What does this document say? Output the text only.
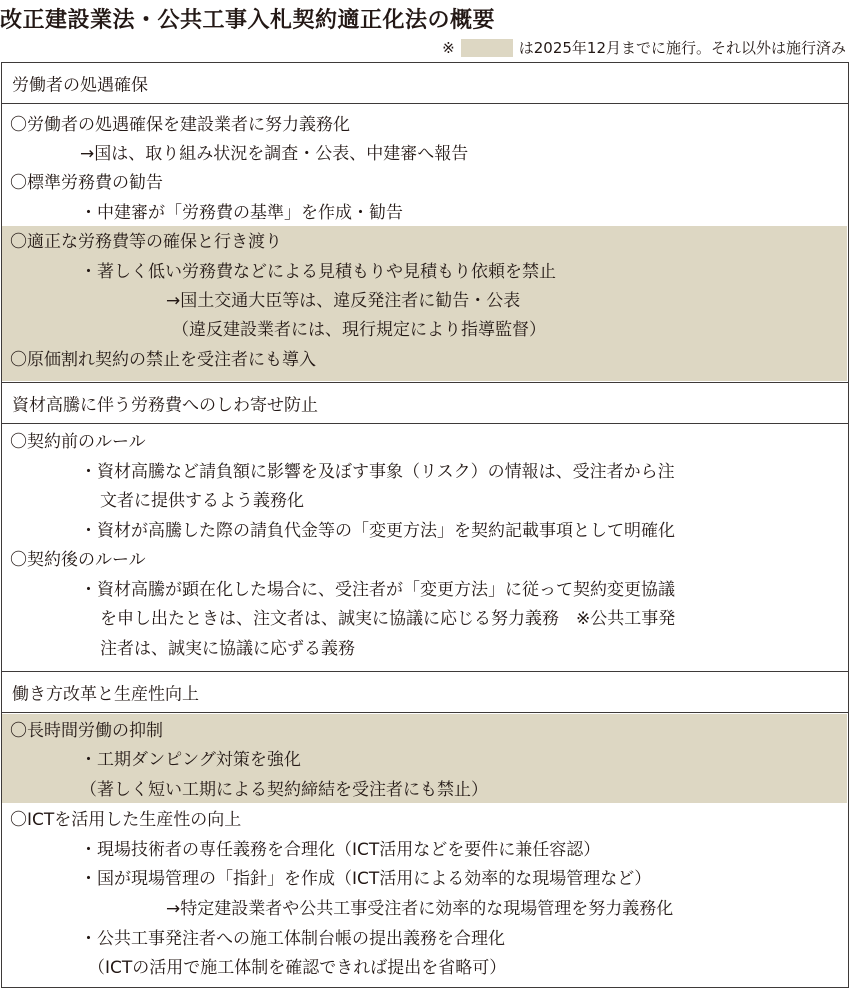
改正建設業法・公共工事入札契約適正化法の概要
※	は2025年12月までに施行。それ以外は施行済み
労働者の処遇確保
〇労働者の処遇確保を建設業者に努力義務化
→国は、取り組み状況を調査・公表、中建審へ報告
〇標準労務費の勧告
・中建審が「労務費の基準」を作成・勧告
〇適正な労務費等の確保と行き渡り
・著しく低い労務費などによる見積もりや見積もり依頼を禁止
→国土交通大臣等は、違反発注者に勧告・公表
（違反建設業者には、現行規定により指導監督）
〇原価割れ契約の禁止を受注者にも導入
資材高騰に伴う労務費へのしわ寄せ防止
〇契約前のルール
・資材高騰など請負額に影響を及ぼす事象（リスク）の情報は、受注者から注
文者に提供するよう義務化
・資材が高騰した際の請負代金等の「変更方法」を契約記載事項として明確化
〇契約後のルール
・資材高騰が顕在化した場合に、受注者が「変更方法」に従って契約変更協議
を申し出たときは、注文者は、誠実に協議に応じる努力義務　※公共工事発
注者は、誠実に協議に応ずる義務
働き方改革と生産性向上
〇長時間労働の抑制
・工期ダンピング対策を強化
（著しく短い工期による契約締結を受注者にも禁止）
〇ICTを活用した生産性の向上
・現場技術者の専任義務を合理化（ICT活用などを要件に兼任容認）
・国が現場管理の「指針」を作成（ICT活用による効率的な現場管理など）
→特定建設業者や公共工事受注者に効率的な現場管理を努力義務化
・公共工事発注者への施工体制台帳の提出義務を合理化
（ICTの活用で施工体制を確認できれば提出を省略可）
